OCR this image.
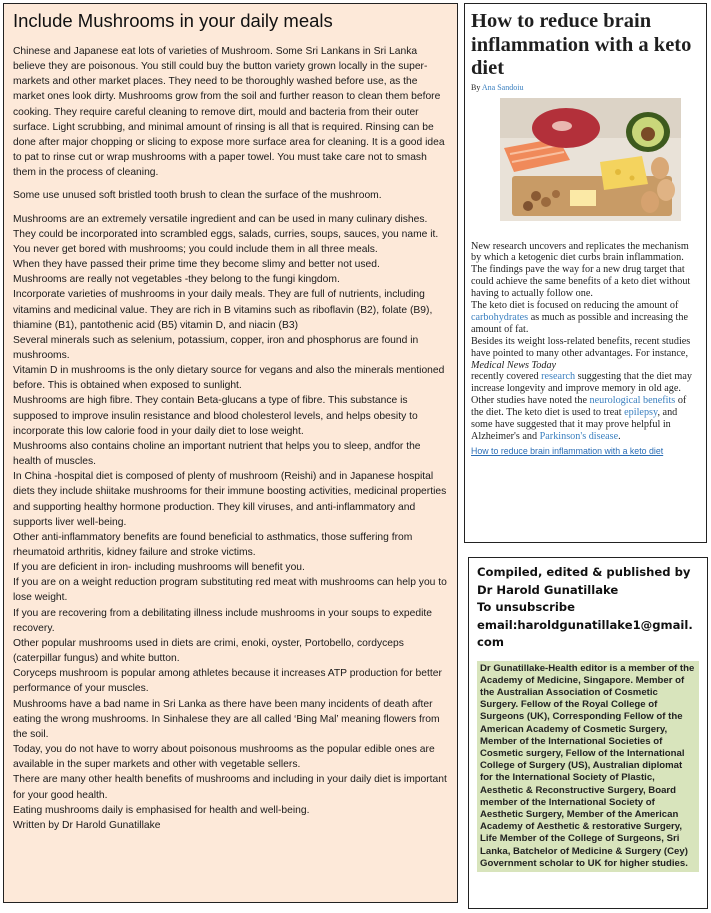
Include Mushrooms in your daily meals

Chinese and Japanese eat lots of varieties of Mushroom. Some Sri Lankans in Sri Lanka believe they are poisonous. You still could buy the button variety grown locally in the super-markets and other market places. They need to be thoroughly washed before use, as the market ones look dirty. Mushrooms grow from the soil and further reason to clean them before cooking. They require careful cleaning to remove dirt, mould and bacteria from their outer surface. Light scrubbing, and minimal amount of rinsing is all that is required. Rinsing can be done after major chopping or slicing to expose more surface area for cleaning. It is a good idea to pat to rinse cut or wrap mushrooms with a paper towel. You must take care not to smash them in the process of cleaning.

Some use unused soft bristled tooth brush to clean the surface of the mushroom.

Mushrooms are an extremely versatile ingredient and can be used in many culinary dishes. They could be incorporated into scrambled eggs, salads, curries, soups, sauces, you name it. You never get bored with mushrooms; you could include them in all three meals.

When they have passed their prime time they become slimy and better not used.

Mushrooms are really not vegetables -they belong to the fungi kingdom.

Incorporate varieties of mushrooms in your daily meals. They are full of nutrients, including vitamins and medicinal value. They are rich in B vitamins such as riboflavin (B2), folate (B9), thiamine (B1), pantothenic acid (B5) vitamin D, and niacin (B3)

Several minerals such as selenium, potassium, copper, iron and phosphorus are found in mushrooms.

Vitamin D in mushrooms is the only dietary source for vegans and also the minerals mentioned before. This is obtained when exposed to sunlight.

Mushrooms are high fibre. They contain Beta-glucans a type of fibre. This substance is supposed to improve insulin resistance and blood cholesterol levels, and helps obesity to incorporate this low calorie food in your daily diet to lose weight.

Mushrooms also contains choline an important nutrient that helps you to sleep, andfor the health of muscles.

In China -hospital diet is composed of plenty of mushroom (Reishi) and in Japanese hospital diets they include shiitake mushrooms for their immune boosting activities, medicinal properties and supporting healthy hormone production. They kill viruses, and anti-inflammatory and supports liver well-being.

Other anti-inflammatory benefits are found beneficial to asthmatics, those suffering from rheumatoid arthritis, kidney failure and stroke victims.

If you are deficient in iron- including mushrooms will benefit you.

If you are on a weight reduction program substituting red meat with mushrooms can help you to lose weight.

If you are recovering from a debilitating illness include mushrooms in your soups to expedite recovery.

Other popular mushrooms used in diets are crimi, enoki, oyster, Portobello, cordyceps (caterpillar fungus) and white button.

Coryceps mushroom is popular among athletes because it increases ATP production for better performance of your muscles.

Mushrooms have a bad name in Sri Lanka as there have been many incidents of death after eating the wrong mushrooms. In Sinhalese they are all called ‘Bing Mal’ meaning flowers from the soil.

Today, you do not have to worry about poisonous mushrooms as the popular edible ones are available in the super markets and other with vegetable sellers.

There are many other health benefits of mushrooms and including in your daily diet is important for your good health.

Eating mushrooms daily is emphasised for health and well-being.

Written by Dr Harold Gunatillake

How to reduce brain inflammation with a keto diet
By Ana Sandoiu
New research uncovers and replicates the mechanism by which a ketogenic diet curbs brain inflammation. The findings pave the way for a new drug target that could achieve the same benefits of a keto diet without having to actually follow one.
The keto diet is focused on reducing the amount of carbohydrates as much as possible and increasing the amount of fat.
Besides its weight loss-related benefits, recent studies have pointed to many other advantages. For instance, Medical News Today
recently covered research suggesting that the diet may increase longevity and improve memory in old age.
Other studies have noted the neurological benefits of the diet. The keto diet is used to treat epilepsy, and some have suggested that it may prove helpful in Alzheimer's and Parkinson's disease.
How to reduce brain inflammation with a keto diet
Compiled, edited & published by
Dr Harold Gunatillake
To unsubscribe
email:haroldgunatillake1@gmail.
com
Dr Gunatillake-Health editor is a member of the Academy of Medicine, Singapore. Member of the Australian Association of Cosmetic Surgery. Fellow of the Royal College of Surgeons (UK), Corresponding Fellow of the American Academy of Cosmetic Surgery, Member of the International Societies of Cosmetic surgery, Fellow of the International College of Surgery (US), Australian diplomat for the International Society of Plastic, Aesthetic & Reconstructive Surgery, Board member of the International Society of Aesthetic Surgery, Member of the American Academy of Aesthetic & restorative Surgery, Life Member of the College of Surgeons, Sri Lanka, Batchelor of Medicine & Surgery (Cey) Government scholar to UK for higher studies.
